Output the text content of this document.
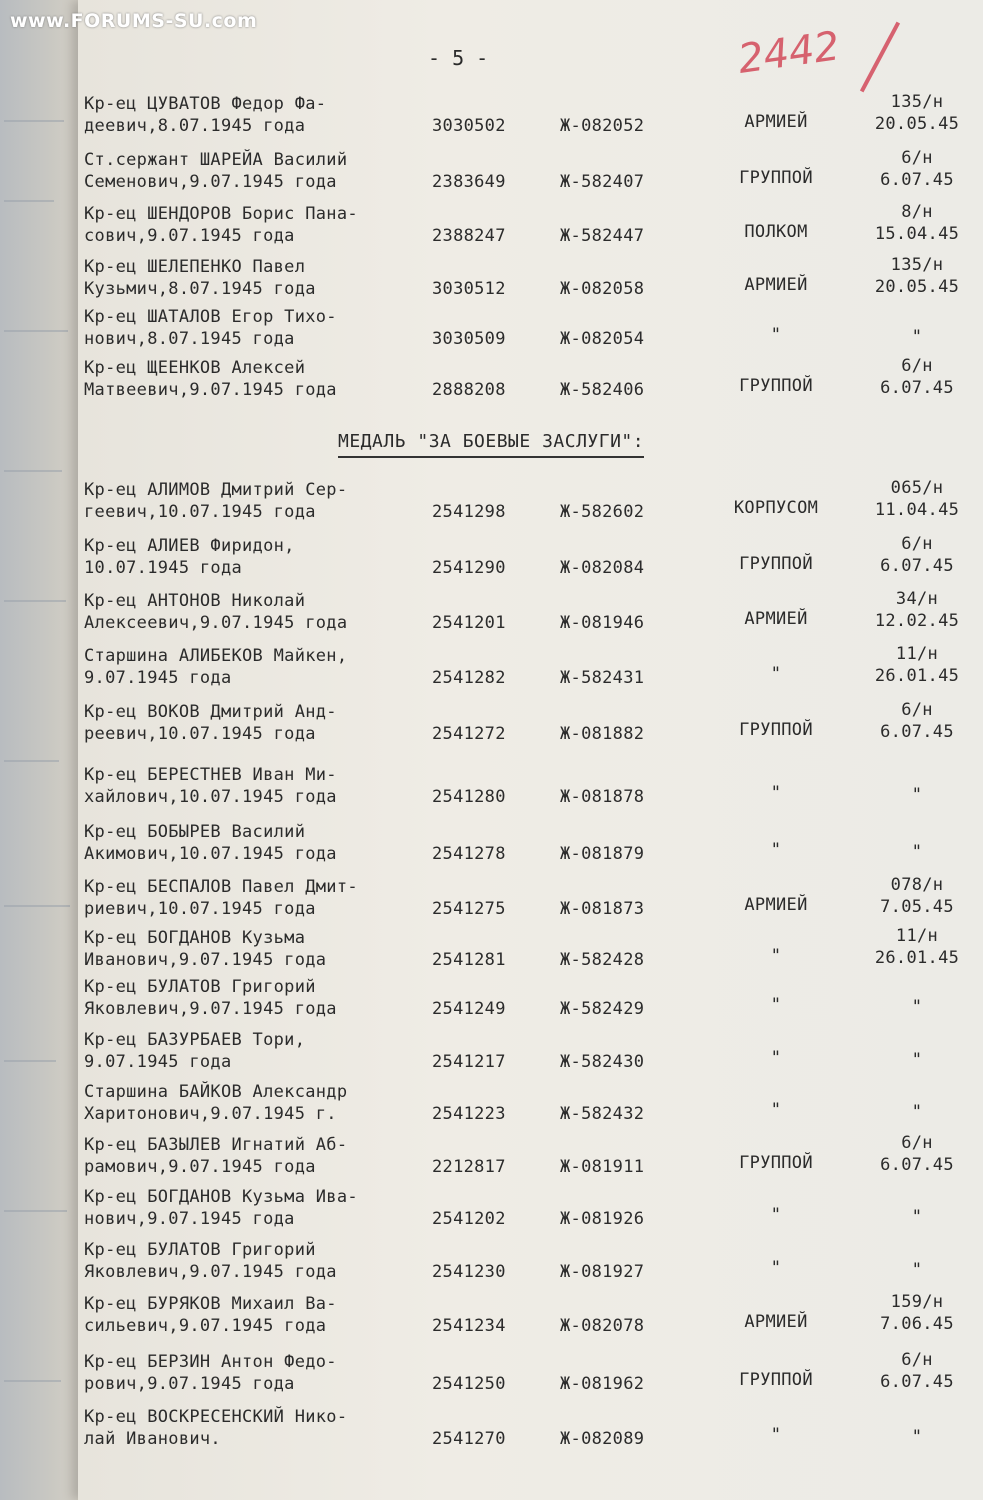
www.FORUMS-SU.com
- 5 -	2442
МЕДАЛЬ "ЗА БОЕВЫЕ ЗАСЛУГИ":
Кр-ец ЦУВАТОВ Федор Фа-
деевич,8.07.1945 года	3030502	Ж-082052	АРМИЕЙ
135/н
20.05.45
Ст.сержант ШАРЕЙА Василий
Семенович,9.07.1945 года	2383649	Ж-582407	ГРУППОЙ
6/н
6.07.45
Кр-ец ШЕНДОРОВ Борис Пана-
сович,9.07.1945 года	2388247	Ж-582447	ПОЛКОМ
8/н
15.04.45
Кр-ец ШЕЛЕПЕНКО Павел
Кузьмич,8.07.1945 года	3030512	Ж-082058	АРМИЕЙ
135/н
20.05.45
Кр-ец ШАТАЛОВ Егор Тихо-
нович,8.07.1945 года	3030509	Ж-082054	"	"
Кр-ец ЩЕЕНКОВ Алексей
Матвеевич,9.07.1945 года	2888208	Ж-582406	ГРУППОЙ
6/н
6.07.45
Кр-ец АЛИМОВ Дмитрий Сер-
геевич,10.07.1945 года	2541298	Ж-582602	КОРПУСОМ
065/н
11.04.45
Кр-ец АЛИЕВ Фиридон,
10.07.1945 года	2541290	Ж-082084	ГРУППОЙ
6/н
6.07.45
Кр-ец АНТОНОВ Николай
Алексеевич,9.07.1945 года	2541201	Ж-081946	АРМИЕЙ
34/н
12.02.45
Старшина АЛИБЕКОВ Майкен,
9.07.1945 года	2541282	Ж-582431	"
11/н
26.01.45
Кр-ец ВОКОВ Дмитрий Анд-
реевич,10.07.1945 года	2541272	Ж-081882	ГРУППОЙ
6/н
6.07.45
Кр-ец БЕРЕСТНЕВ Иван Ми-
хайлович,10.07.1945 года	2541280	Ж-081878	"	"
Кр-ец БОБЫРЕВ Василий
Акимович,10.07.1945 года	2541278	Ж-081879	"	"
Кр-ец БЕСПАЛОВ Павел Дмит-
риевич,10.07.1945 года	2541275	Ж-081873	АРМИЕЙ
078/н
7.05.45
Кр-ец БОГДАНОВ Кузьма
Иванович,9.07.1945 года	2541281	Ж-582428	"
11/н
26.01.45
Кр-ец БУЛАТОВ Григорий
Яковлевич,9.07.1945 года	2541249	Ж-582429	"	"
Кр-ец БАЗУРБАЕВ Тори,
9.07.1945 года	2541217	Ж-582430	"	"
Старшина БАЙКОВ Александр
Харитонович,9.07.1945 г.	2541223	Ж-582432	"	"
Кр-ец БАЗЫЛЕВ Игнатий Аб-
рамович,9.07.1945 года	2212817	Ж-081911	ГРУППОЙ
6/н
6.07.45
Кр-ец БОГДАНОВ Кузьма Ива-
нович,9.07.1945 года	2541202	Ж-081926	"	"
Кр-ец БУЛАТОВ Григорий
Яковлевич,9.07.1945 года	2541230	Ж-081927	"	"
Кр-ец БУРЯКОВ Михаил Ва-
сильевич,9.07.1945 года	2541234	Ж-082078	АРМИЕЙ
159/н
7.06.45
Кр-ец БЕРЗИН Антон Федо-
рович,9.07.1945 года	2541250	Ж-081962	ГРУППОЙ
6/н
6.07.45
Кр-ец ВОСКРЕСЕНСКИЙ Нико-
лай Иванович.	2541270	Ж-082089	"	"
